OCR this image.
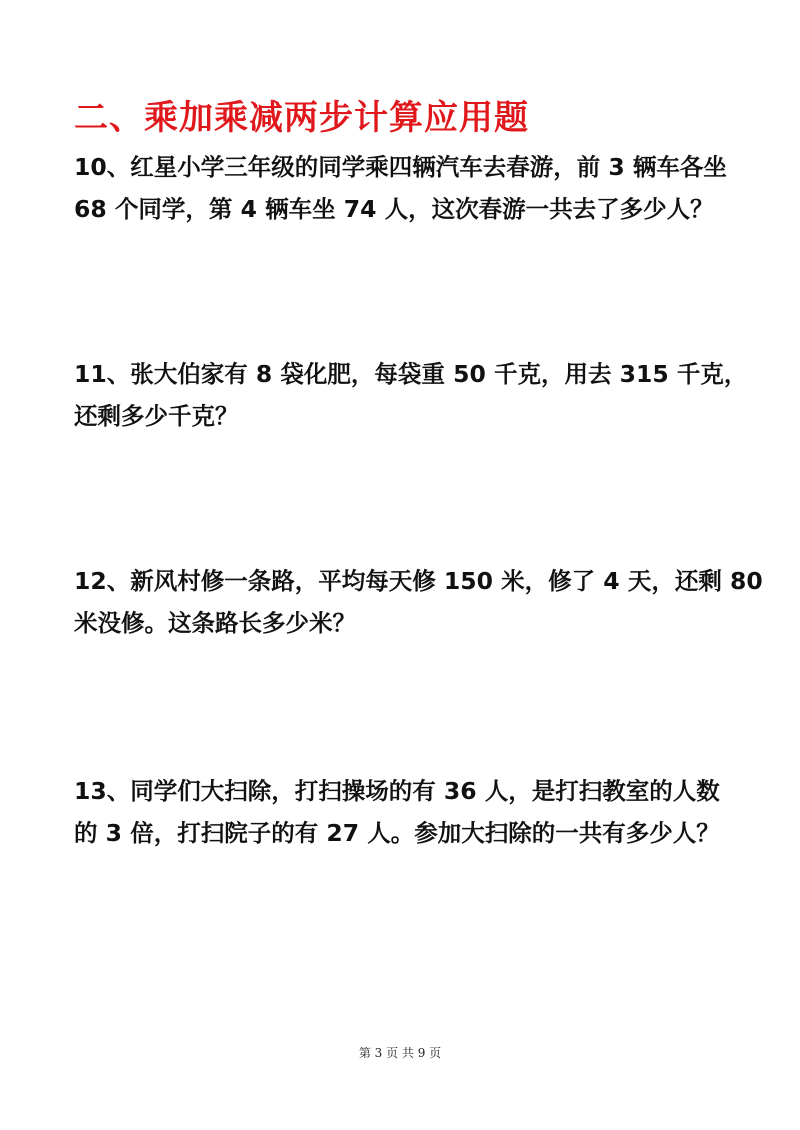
二、乘加乘减两步计算应用题
10、红星小学三年级的同学乘四辆汽车去春游，前 3 辆车各坐
68 个同学，第 4 辆车坐 74 人，这次春游一共去了多少人？
11、张大伯家有 8 袋化肥，每袋重 50 千克，用去 315 千克，
还剩多少千克？
12、新风村修一条路，平均每天修 150 米，修了 4 天，还剩 80
米没修。这条路长多少米？
13、同学们大扫除，打扫操场的有 36 人，是打扫教室的人数
的 3 倍，打扫院子的有 27 人。参加大扫除的一共有多少人？
第 3 页 共 9 页
